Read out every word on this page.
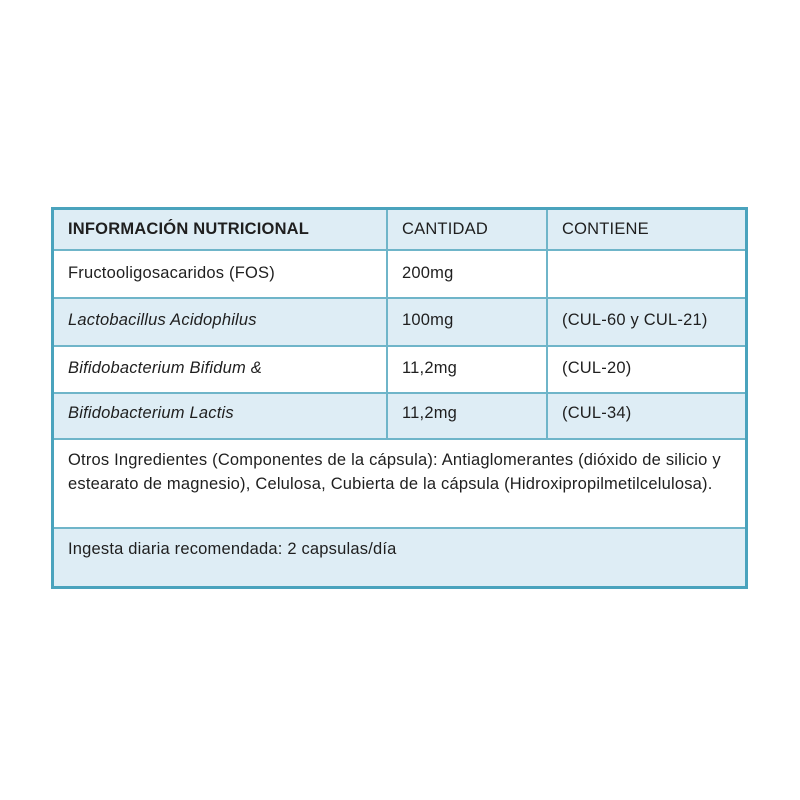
INFORMACIÓN NUTRICIONAL	CANTIDAD	CONTIENE
Fructooligosacaridos (FOS)	200mg
Lactobacillus Acidophilus	100mg	(CUL-60 y CUL-21)
Bifidobacterium Bifidum &	11,2mg	(CUL-20)
Bifidobacterium Lactis	11,2mg	(CUL-34)
Otros Ingredientes (Componentes de la cápsula): Antiaglomerantes (dióxido de silicio y estearato de magnesio), Celulosa, Cubierta de la cápsula (Hidroxipropilmetilcelulosa).
Ingesta diaria recomendada: 2 capsulas/día
